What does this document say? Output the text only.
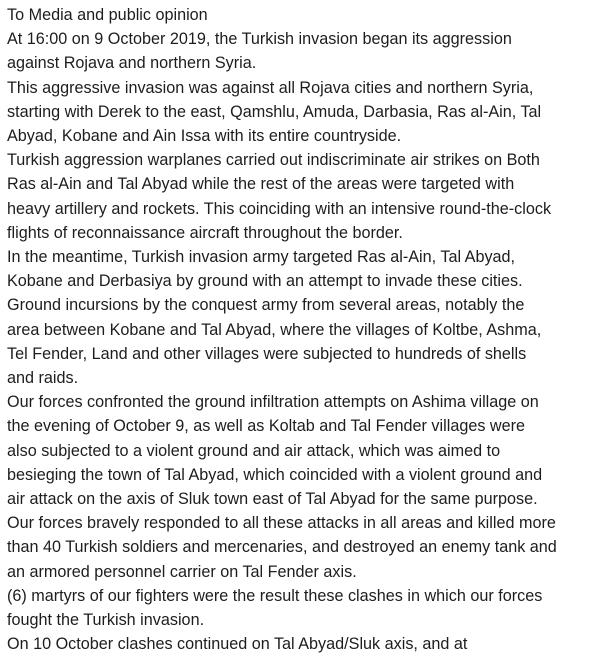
To Media and public opinion
At 16:00 on 9 October 2019, the Turkish invasion began its aggression
against Rojava and northern Syria.
This aggressive invasion was against all Rojava cities and northern Syria,
starting with Derek to the east, Qamshlu, Amuda, Darbasia, Ras al-Ain, Tal
Abyad, Kobane and Ain Issa with its entire countryside.
Turkish aggression warplanes carried out indiscriminate air strikes on Both
Ras al-Ain and Tal Abyad while the rest of the areas were targeted with
heavy artillery and rockets. This coinciding with an intensive round-the-clock
flights of reconnaissance aircraft throughout the border.
In the meantime, Turkish invasion army targeted Ras al-Ain, Tal Abyad,
Kobane and Derbasiya by ground with an attempt to invade these cities.
Ground incursions by the conquest army from several areas, notably the
area between Kobane and Tal Abyad, where the villages of Koltbe, Ashma,
Tel Fender, Land and other villages were subjected to hundreds of shells
and raids.
Our forces confronted the ground infiltration attempts on Ashima village on
the evening of October 9, as well as Koltab and Tal Fender villages were
also subjected to a violent ground and air attack, which was aimed to
besieging the town of Tal Abyad, which coincided with a violent ground and
air attack on the axis of Sluk town east of Tal Abyad for the same purpose.
Our forces bravely responded to all these attacks in all areas and killed more
than 40 Turkish soldiers and mercenaries, and destroyed an enemy tank and
an armored personnel carrier on Tal Fender axis.
(6) martyrs of our fighters were the result these clashes in which our forces
fought the Turkish invasion.
On 10 October clashes continued on Tal Abyad/Sluk axis, and at
